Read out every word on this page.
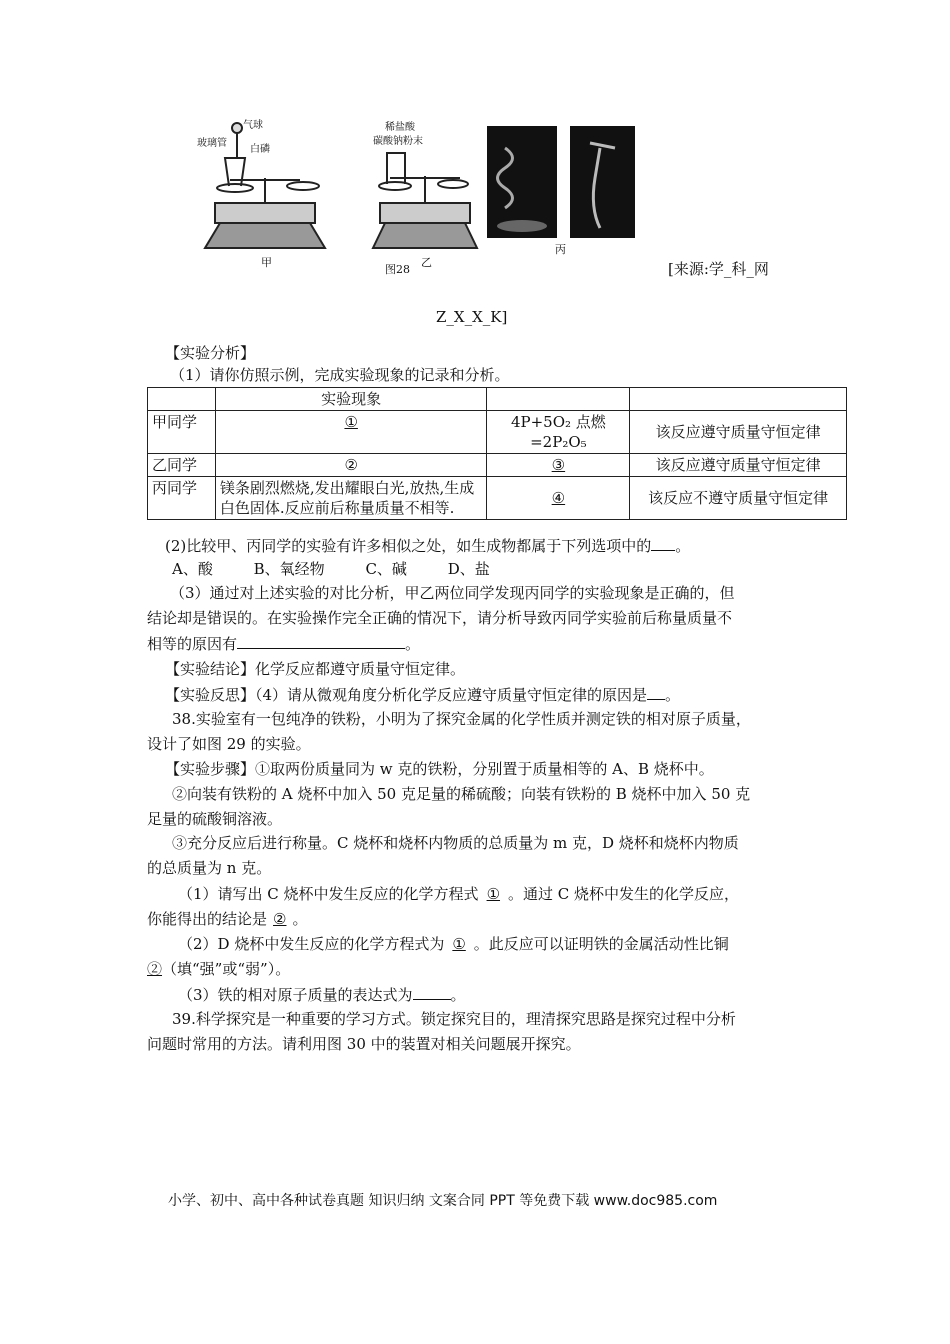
玻璃管
气球
白磷
稀盐酸
碳酸钠粉末
甲	乙
丙
图28	[来源:学_科_网
Z_X_X_K]
【实验分析】
（1）请你仿照示例，完成实验现象的记录和分析。
	实验现象		
甲同学	①	4P+5O₂ 点燃 =2P₂O₅	该反应遵守质量守恒定律
乙同学	②	③	该反应遵守质量守恒定律
丙同学	镁条剧烈燃烧,发出耀眼白光,放热,生成白色固体.反应前后称量质量不相等.	④	该反应不遵守质量守恒定律
(2)比较甲、丙同学的实验有许多相似之处，如生成物都属于下列选项中的 。
A、酸	B、氧经物	C、碱	D、盐
（3）通过对上述实验的对比分析，甲乙两位同学发现丙同学的实验现象是正确的，但
结论却是错误的。在实验操作完全正确的情况下，请分析导致丙同学实验前后称量质量不
相等的原因有	。
【实验结论】化学反应都遵守质量守恒定律。
【实验反思】（4）请从微观角度分析化学反应遵守质量守恒定律的原因是 。
38.实验室有一包纯净的铁粉，小明为了探究金属的化学性质并测定铁的相对原子质量，
设计了如图 29 的实验。
【实验步骤】①取两份质量同为 w 克的铁粉，分别置于质量相等的 A、B 烧杯中。
②向装有铁粉的 A 烧杯中加入 50 克足量的稀硫酸；向装有铁粉的 B 烧杯中加入 50 克
足量的硫酸铜溶液。
③充分反应后进行称量。C 烧杯和烧杯内物质的总质量为 m 克，D 烧杯和烧杯内物质
的总质量为 n 克。
（1）请写出 C 烧杯中发生反应的化学方程式 ① 。通过 C 烧杯中发生的化学反应，
你能得出的结论是 ② 。
（2）D 烧杯中发生反应的化学方程式为 ① 。此反应可以证明铁的金属活动性比铜
②（填“强”或“弱”）。
（3）铁的相对原子质量的表达式为	。
39.科学探究是一种重要的学习方式。锁定探究目的，理清探究思路是探究过程中分析
问题时常用的方法。请利用图 30 中的装置对相关问题展开探究。
小学、初中、高中各种试卷真题 知识归纳 文案合同 PPT 等免费下载 www.doc985.com
